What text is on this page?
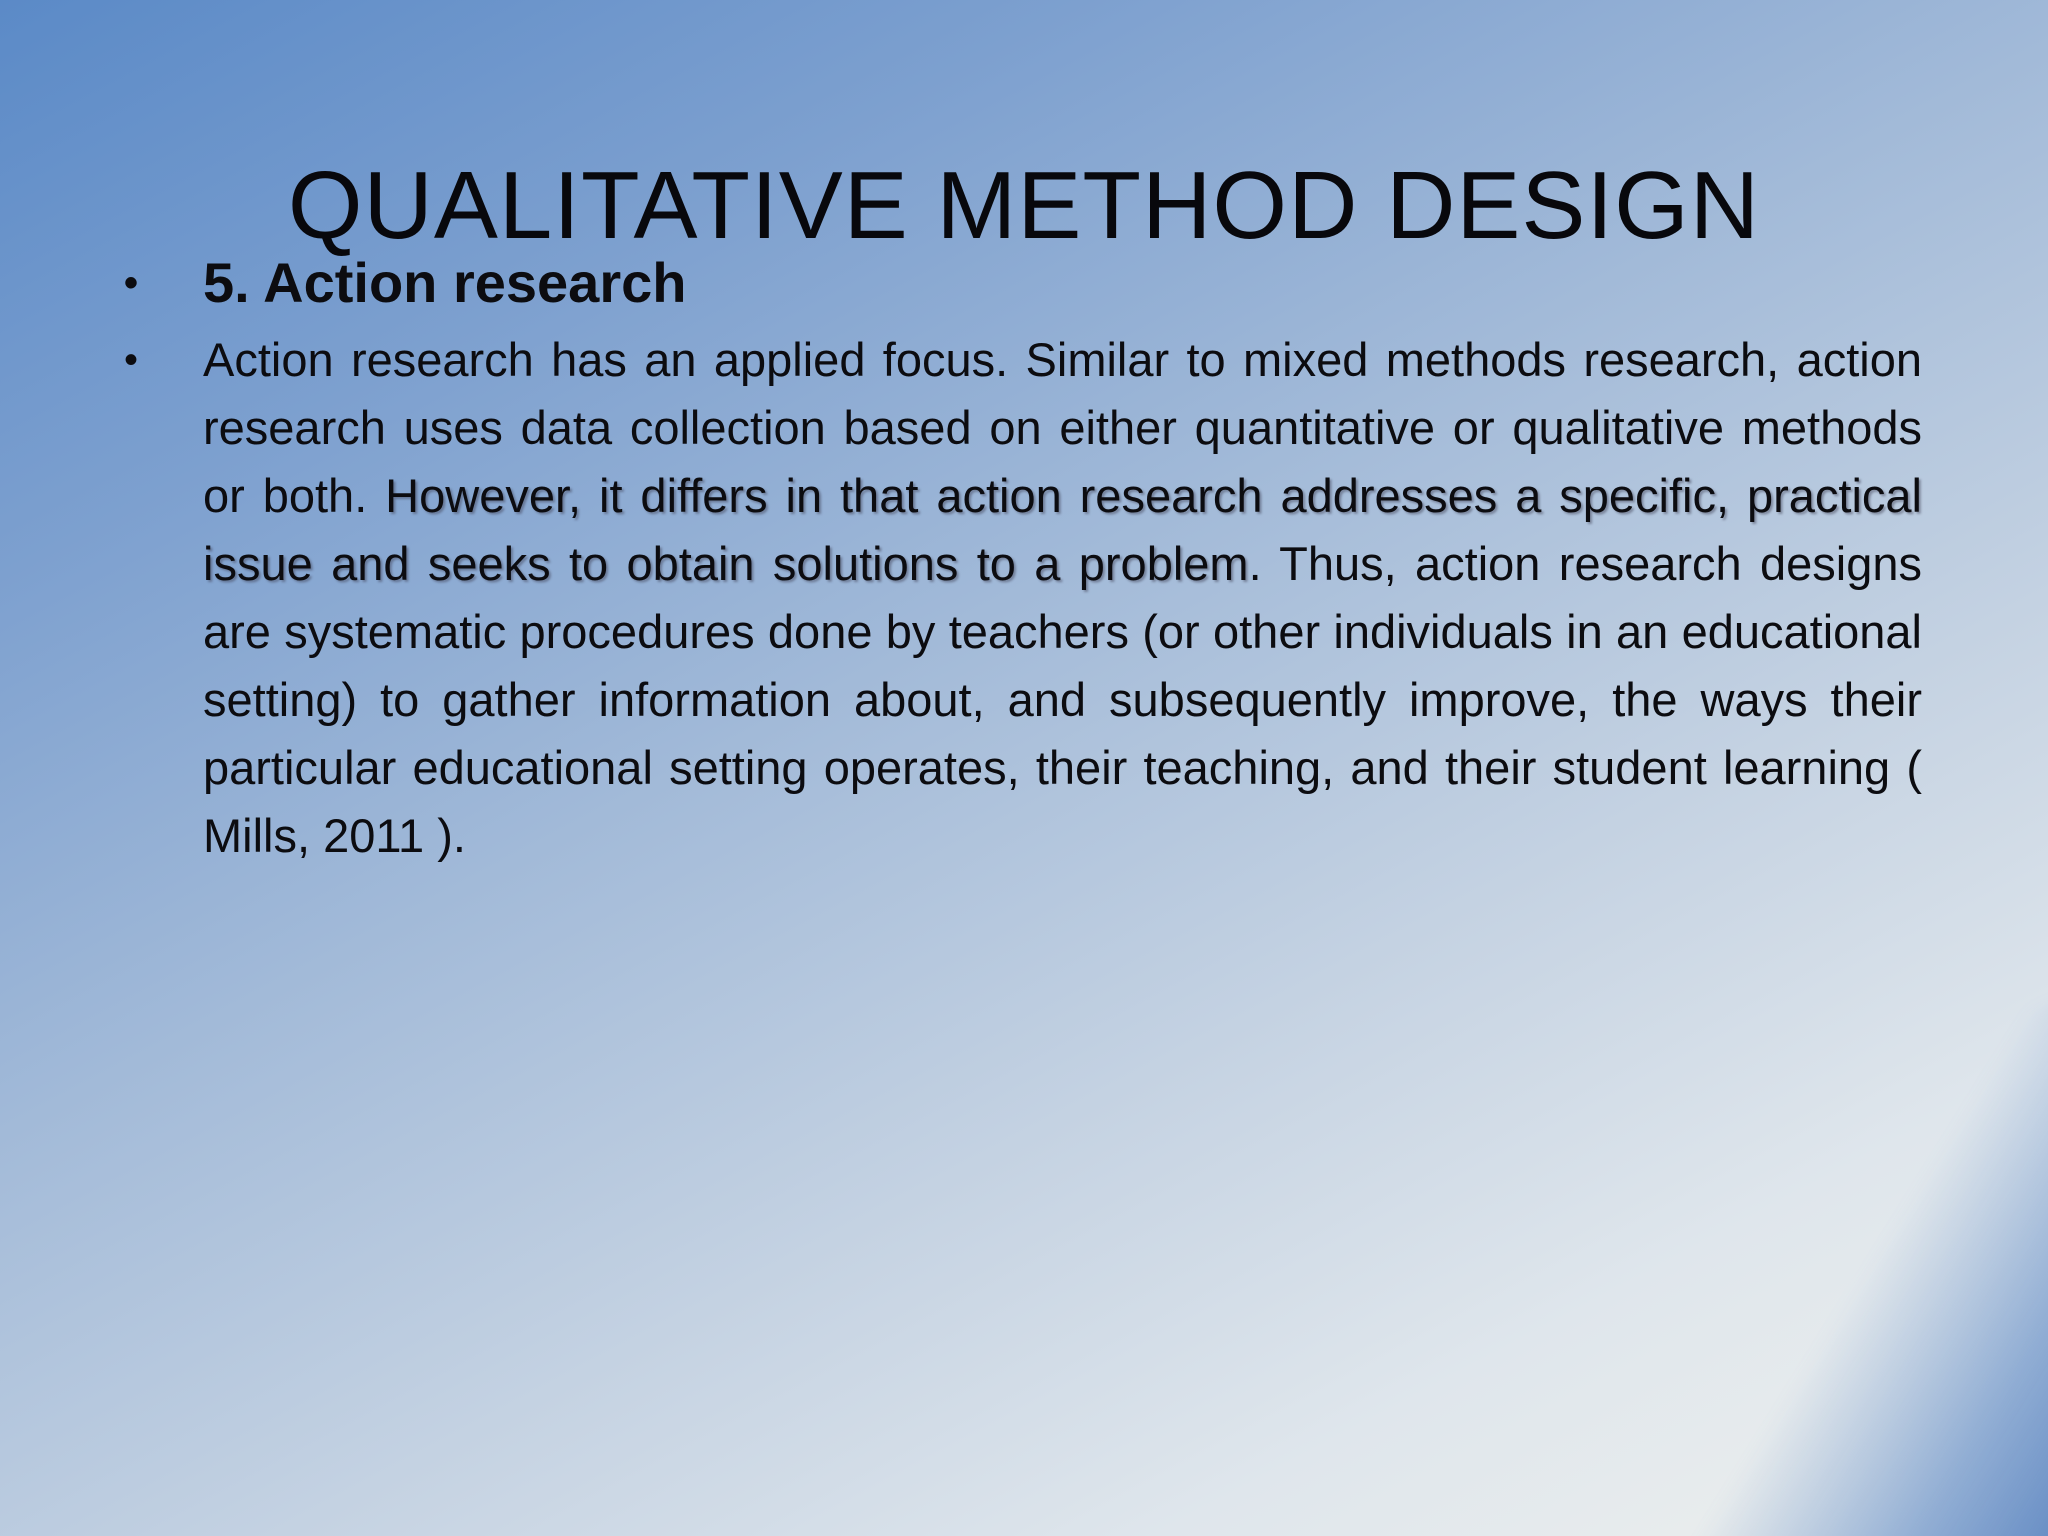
QUALITATIVE METHOD DESIGN
• 5. Action research
• Action research has an applied focus. Similar to mixed methods research, action research uses data collection based on either quantitative or qualitative methods or both. However, it differs in that action research addresses a specific, practical issue and seeks to obtain solutions to a problem. Thus, action research designs are systematic procedures done by teachers (or other individuals in an educational setting) to gather information about, and subsequently improve, the ways their particular educational setting operates, their teaching, and their student learning ( Mills, 2011 ).
